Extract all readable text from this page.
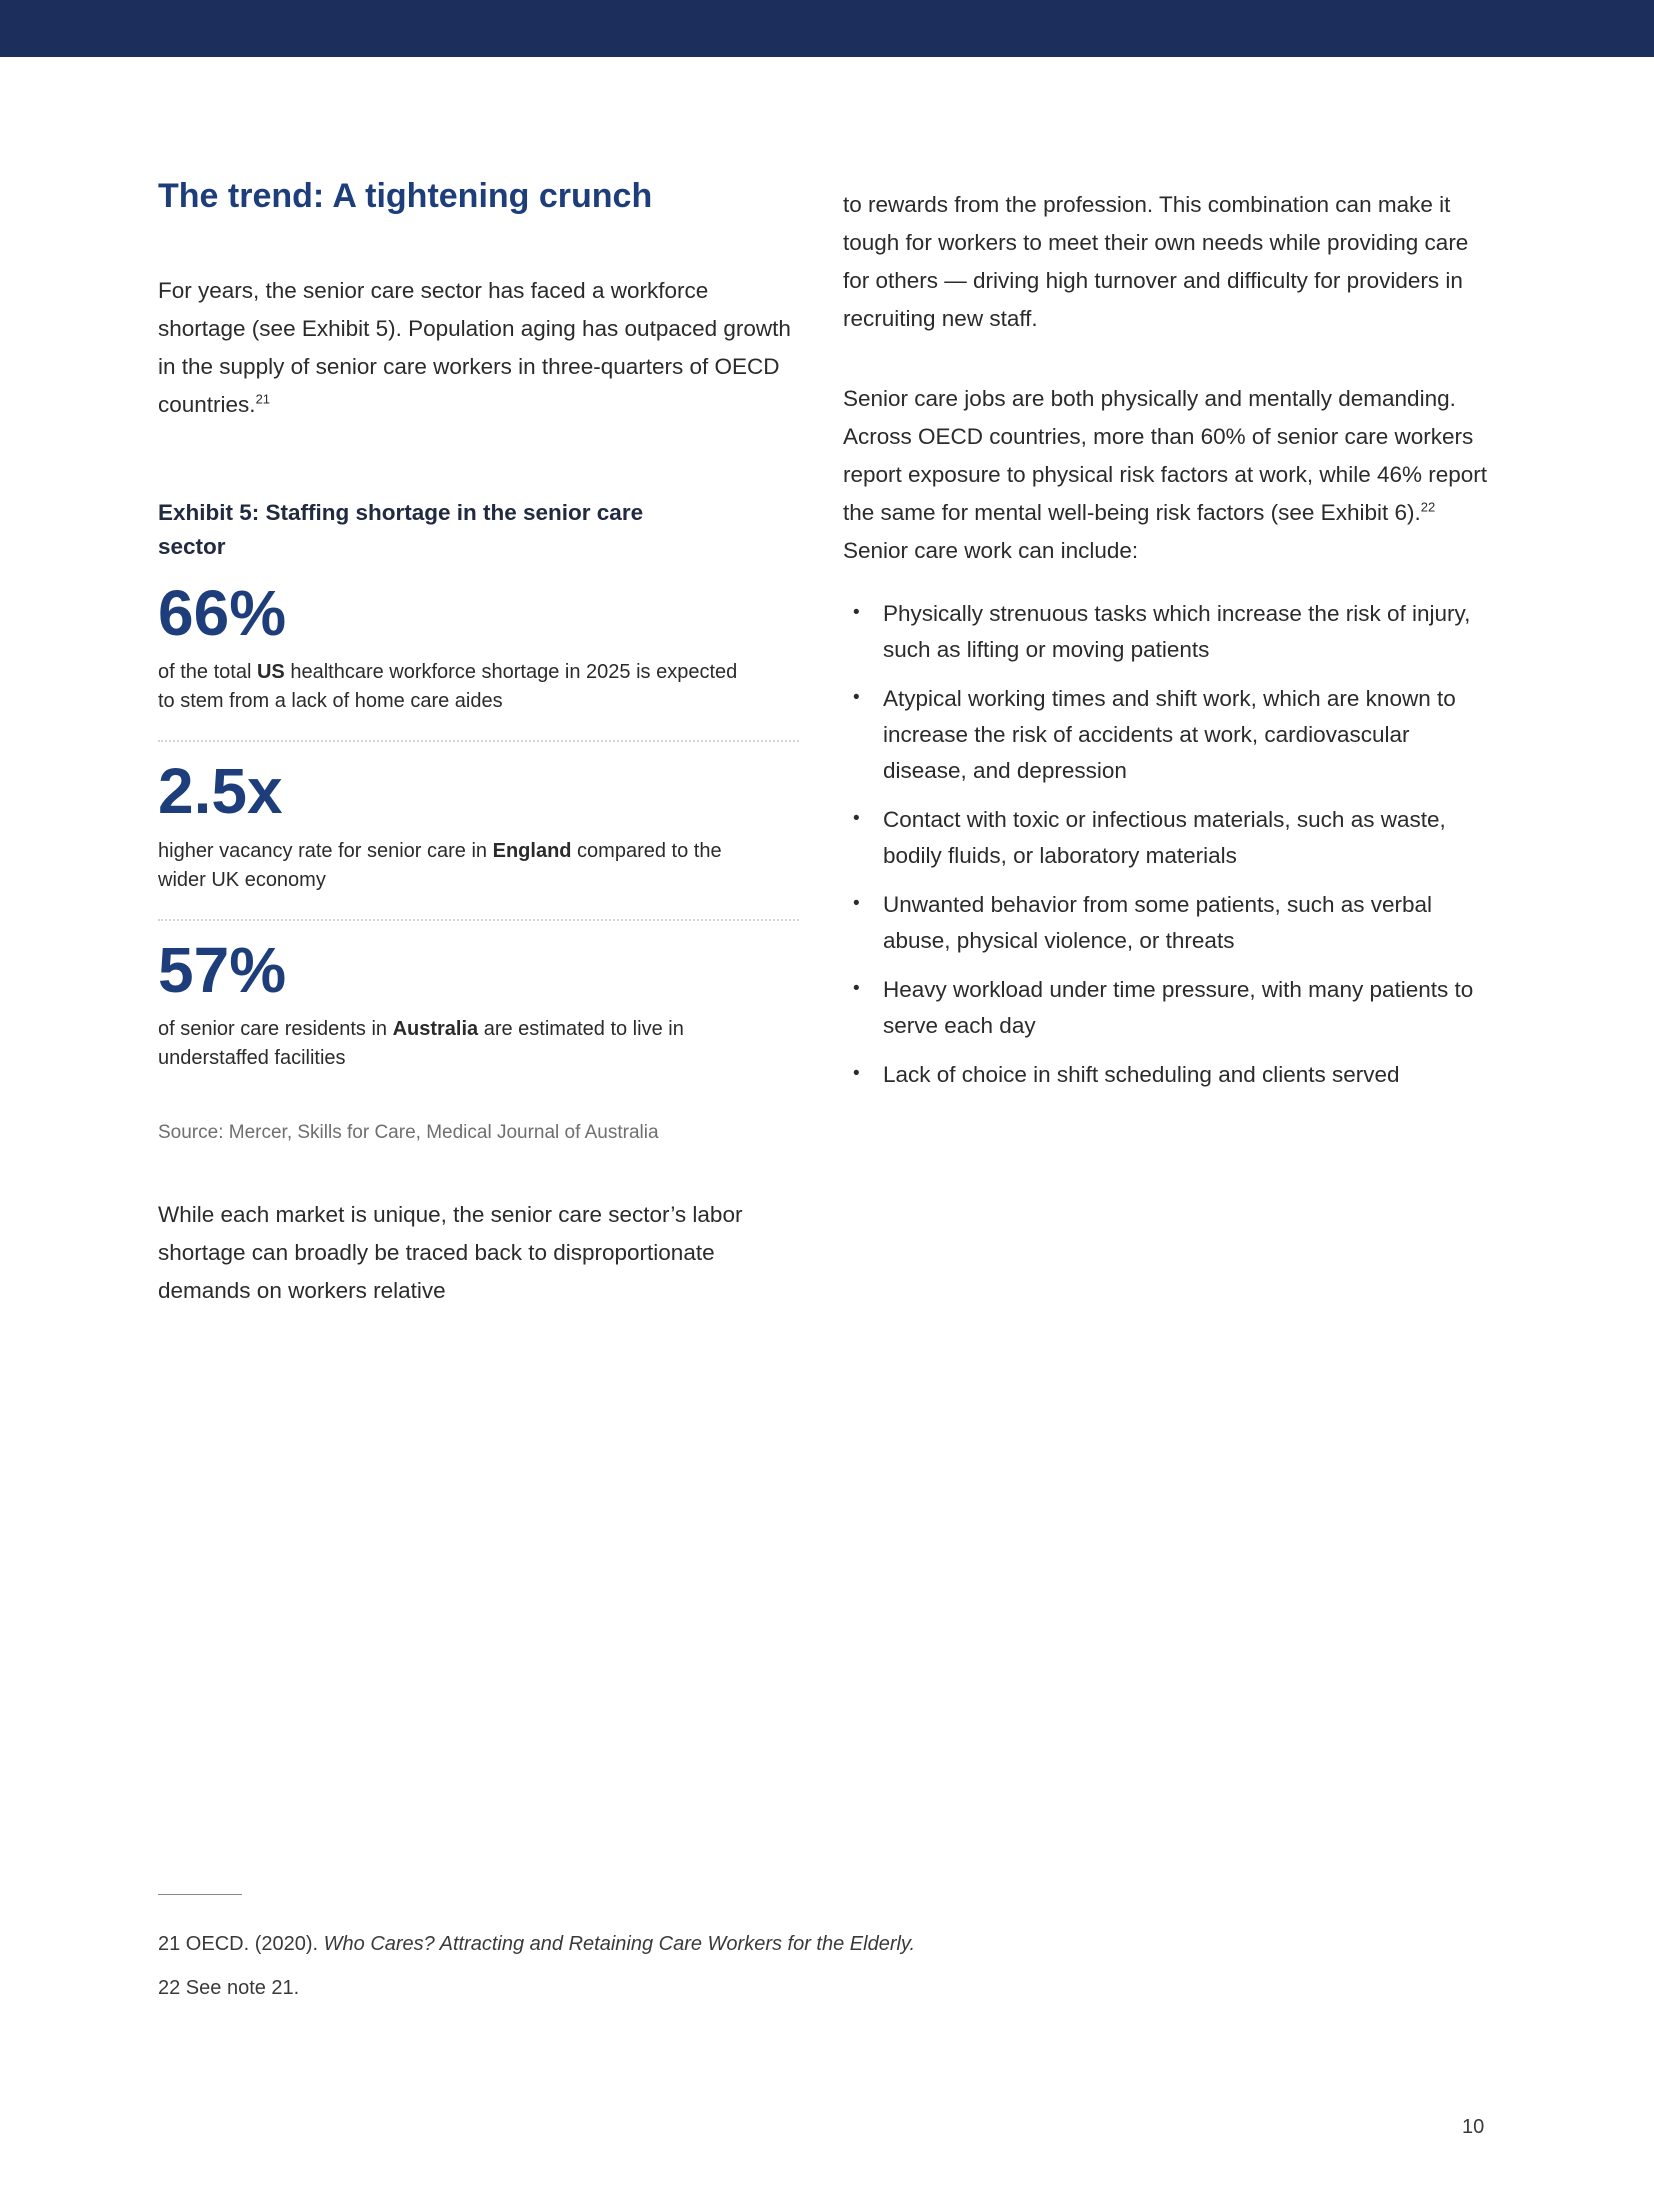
The trend: A tightening crunch

For years, the senior care sector has faced a workforce shortage (see Exhibit 5). Population aging has outpaced growth in the supply of senior care workers in three-quarters of OECD countries.$^{21}$

Exhibit 5: Staffing shortage in the senior care sector
66%

of the total US healthcare workforce shortage in 2025 is expected to stem from a lack of home care aides

2.5x

higher vacancy rate for senior care in England compared to the wider UK economy

57%

of senior care residents in Australia are estimated to live in understaffed facilities

Source: Mercer, Skills for Care, Medical Journal of Australia

While each market is unique, the senior care sector’s labor shortage can broadly be traced back to disproportionate demands on workers relative

to rewards from the profession. This combination can make it tough for workers to meet their own needs while providing care for others — driving high turnover and difficulty for providers in recruiting new staff.

Senior care jobs are both physically and mentally demanding. Across OECD countries, more than 60% of senior care workers report exposure to physical risk factors at work, while 46% report the same for mental well-being risk factors (see Exhibit 6).$^{22}$ Senior care work can include:

• Physically strenuous tasks which increase the risk of injury, such as lifting or moving patients
• Atypical working times and shift work, which are known to increase the risk of accidents at work, cardiovascular disease, and depression
• Contact with toxic or infectious materials, such as waste, bodily fluids, or laboratory materials
• Unwanted behavior from some patients, such as verbal abuse, physical violence, or threats
• Heavy workload under time pressure, with many patients to serve each day
• Lack of choice in shift scheduling and clients served

21 OECD. (2020). Who Cares? Attracting and Retaining Care Workers for the Elderly.

22 See note 21.

10
